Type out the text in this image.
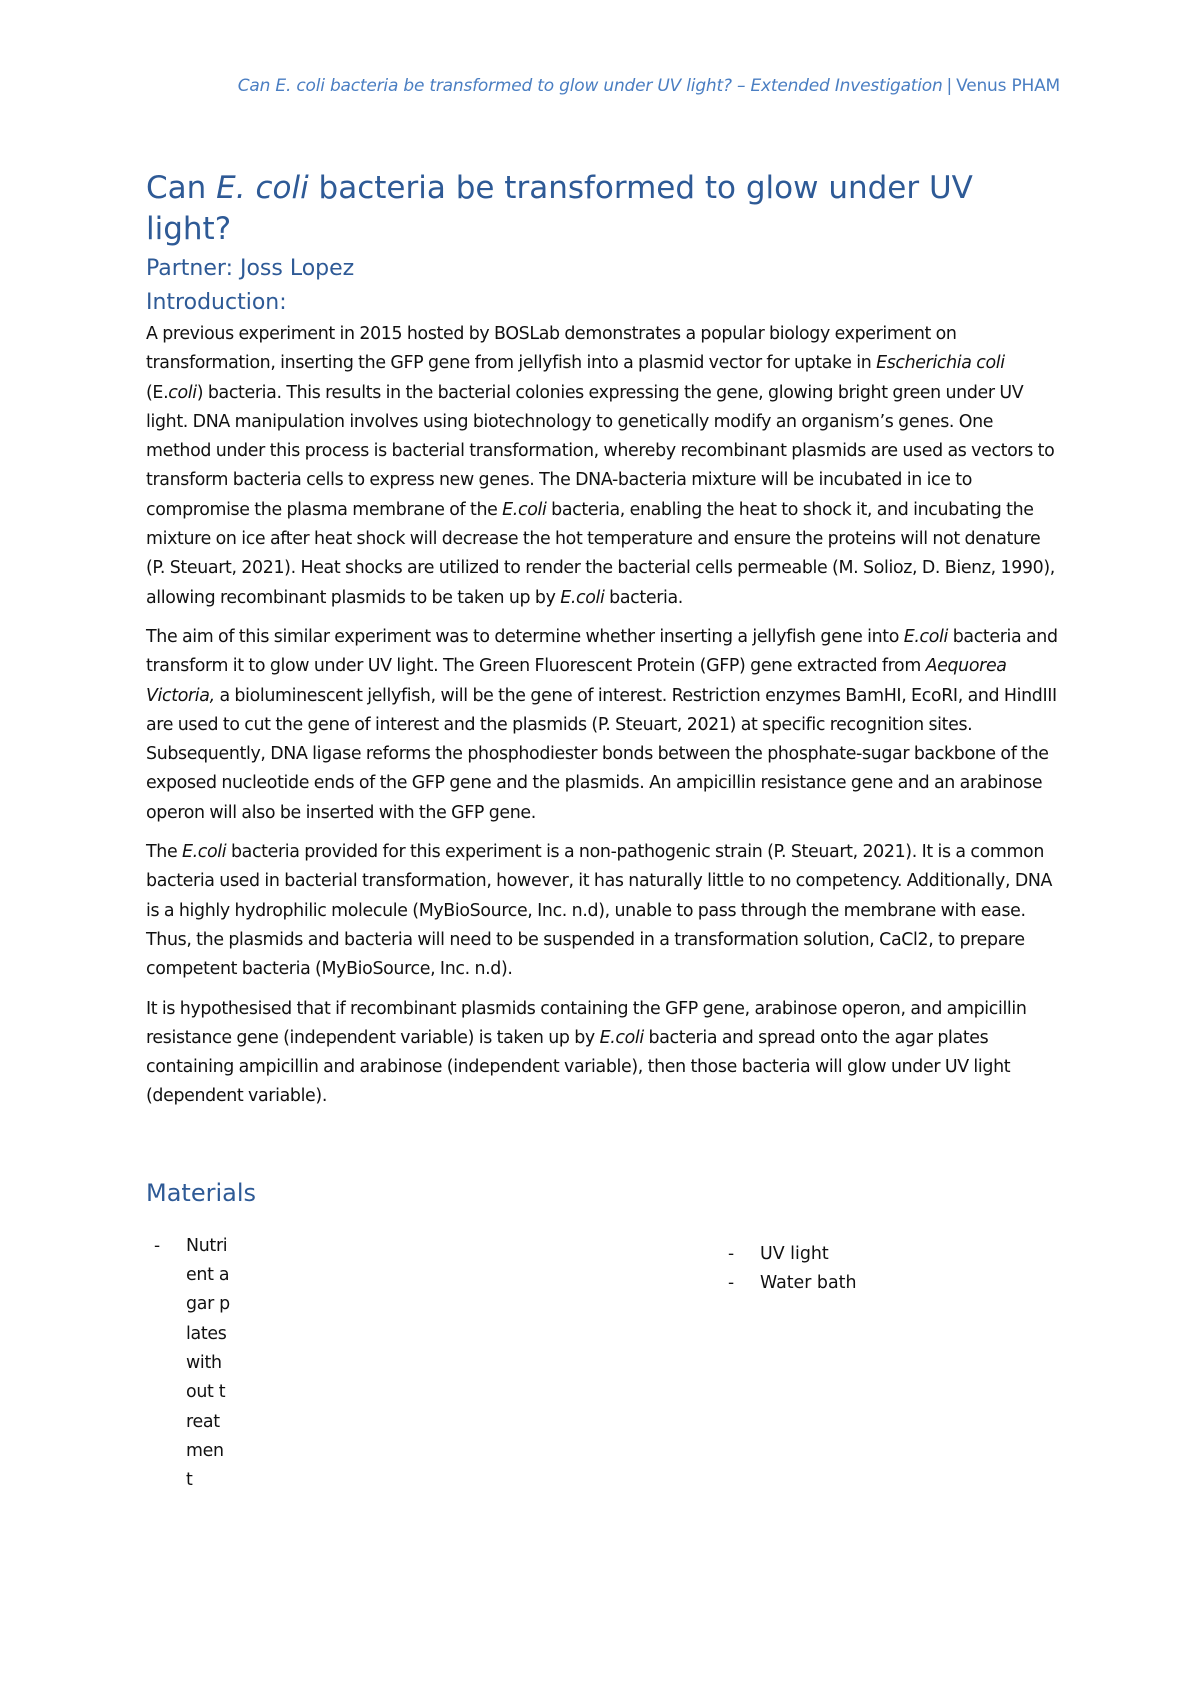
Can E. coli bacteria be transformed to glow under UV light? – Extended Investigation | Venus PHAM
Can E. coli bacteria be transformed to glow under UV light?
Partner: Joss Lopez
Introduction:

A previous experiment in 2015 hosted by BOSLab demonstrates a popular biology experiment on transformation, inserting the GFP gene from jellyfish into a plasmid vector for uptake in Escherichia coli (E.coli) bacteria. This results in the bacterial colonies expressing the gene, glowing bright green under UV light. DNA manipulation involves using biotechnology to genetically modify an organism’s genes. One method under this process is bacterial transformation, whereby recombinant plasmids are used as vectors to transform bacteria cells to express new genes. The DNA-bacteria mixture will be incubated in ice to compromise the plasma membrane of the E.coli bacteria, enabling the heat to shock it, and incubating the mixture on ice after heat shock will decrease the hot temperature and ensure the proteins will not denature (P. Steuart, 2021). Heat shocks are utilized to render the bacterial cells permeable (M. Solioz, D. Bienz, 1990), allowing recombinant plasmids to be taken up by E.coli bacteria.

The aim of this similar experiment was to determine whether inserting a jellyfish gene into E.coli bacteria and transform it to glow under UV light. The Green Fluorescent Protein (GFP) gene extracted from Aequorea Victoria, a bioluminescent jellyfish, will be the gene of interest. Restriction enzymes BamHI, EcoRI, and HindIII are used to cut the gene of interest and the plasmids (P. Steuart, 2021) at specific recognition sites. Subsequently, DNA ligase reforms the phosphodiester bonds between the phosphate-sugar backbone of the exposed nucleotide ends of the GFP gene and the plasmids. An ampicillin resistance gene and an arabinose operon will also be inserted with the GFP gene.

The E.coli bacteria provided for this experiment is a non-pathogenic strain (P. Steuart, 2021). It is a common bacteria used in bacterial transformation, however, it has naturally little to no competency. Additionally, DNA is a highly hydrophilic molecule (MyBioSource, Inc. n.d), unable to pass through the membrane with ease. Thus, the plasmids and bacteria will need to be suspended in a transformation solution, CaCl2, to prepare competent bacteria (MyBioSource, Inc. n.d).

It is hypothesised that if recombinant plasmids containing the GFP gene, arabinose operon, and ampicillin resistance gene (independent variable) is taken up by E.coli bacteria and spread onto the agar plates containing ampicillin and arabinose (independent variable), then those bacteria will glow under UV light (dependent variable).

Materials
- Nutrient agar plates without treatment
- UV light
- Water bath
